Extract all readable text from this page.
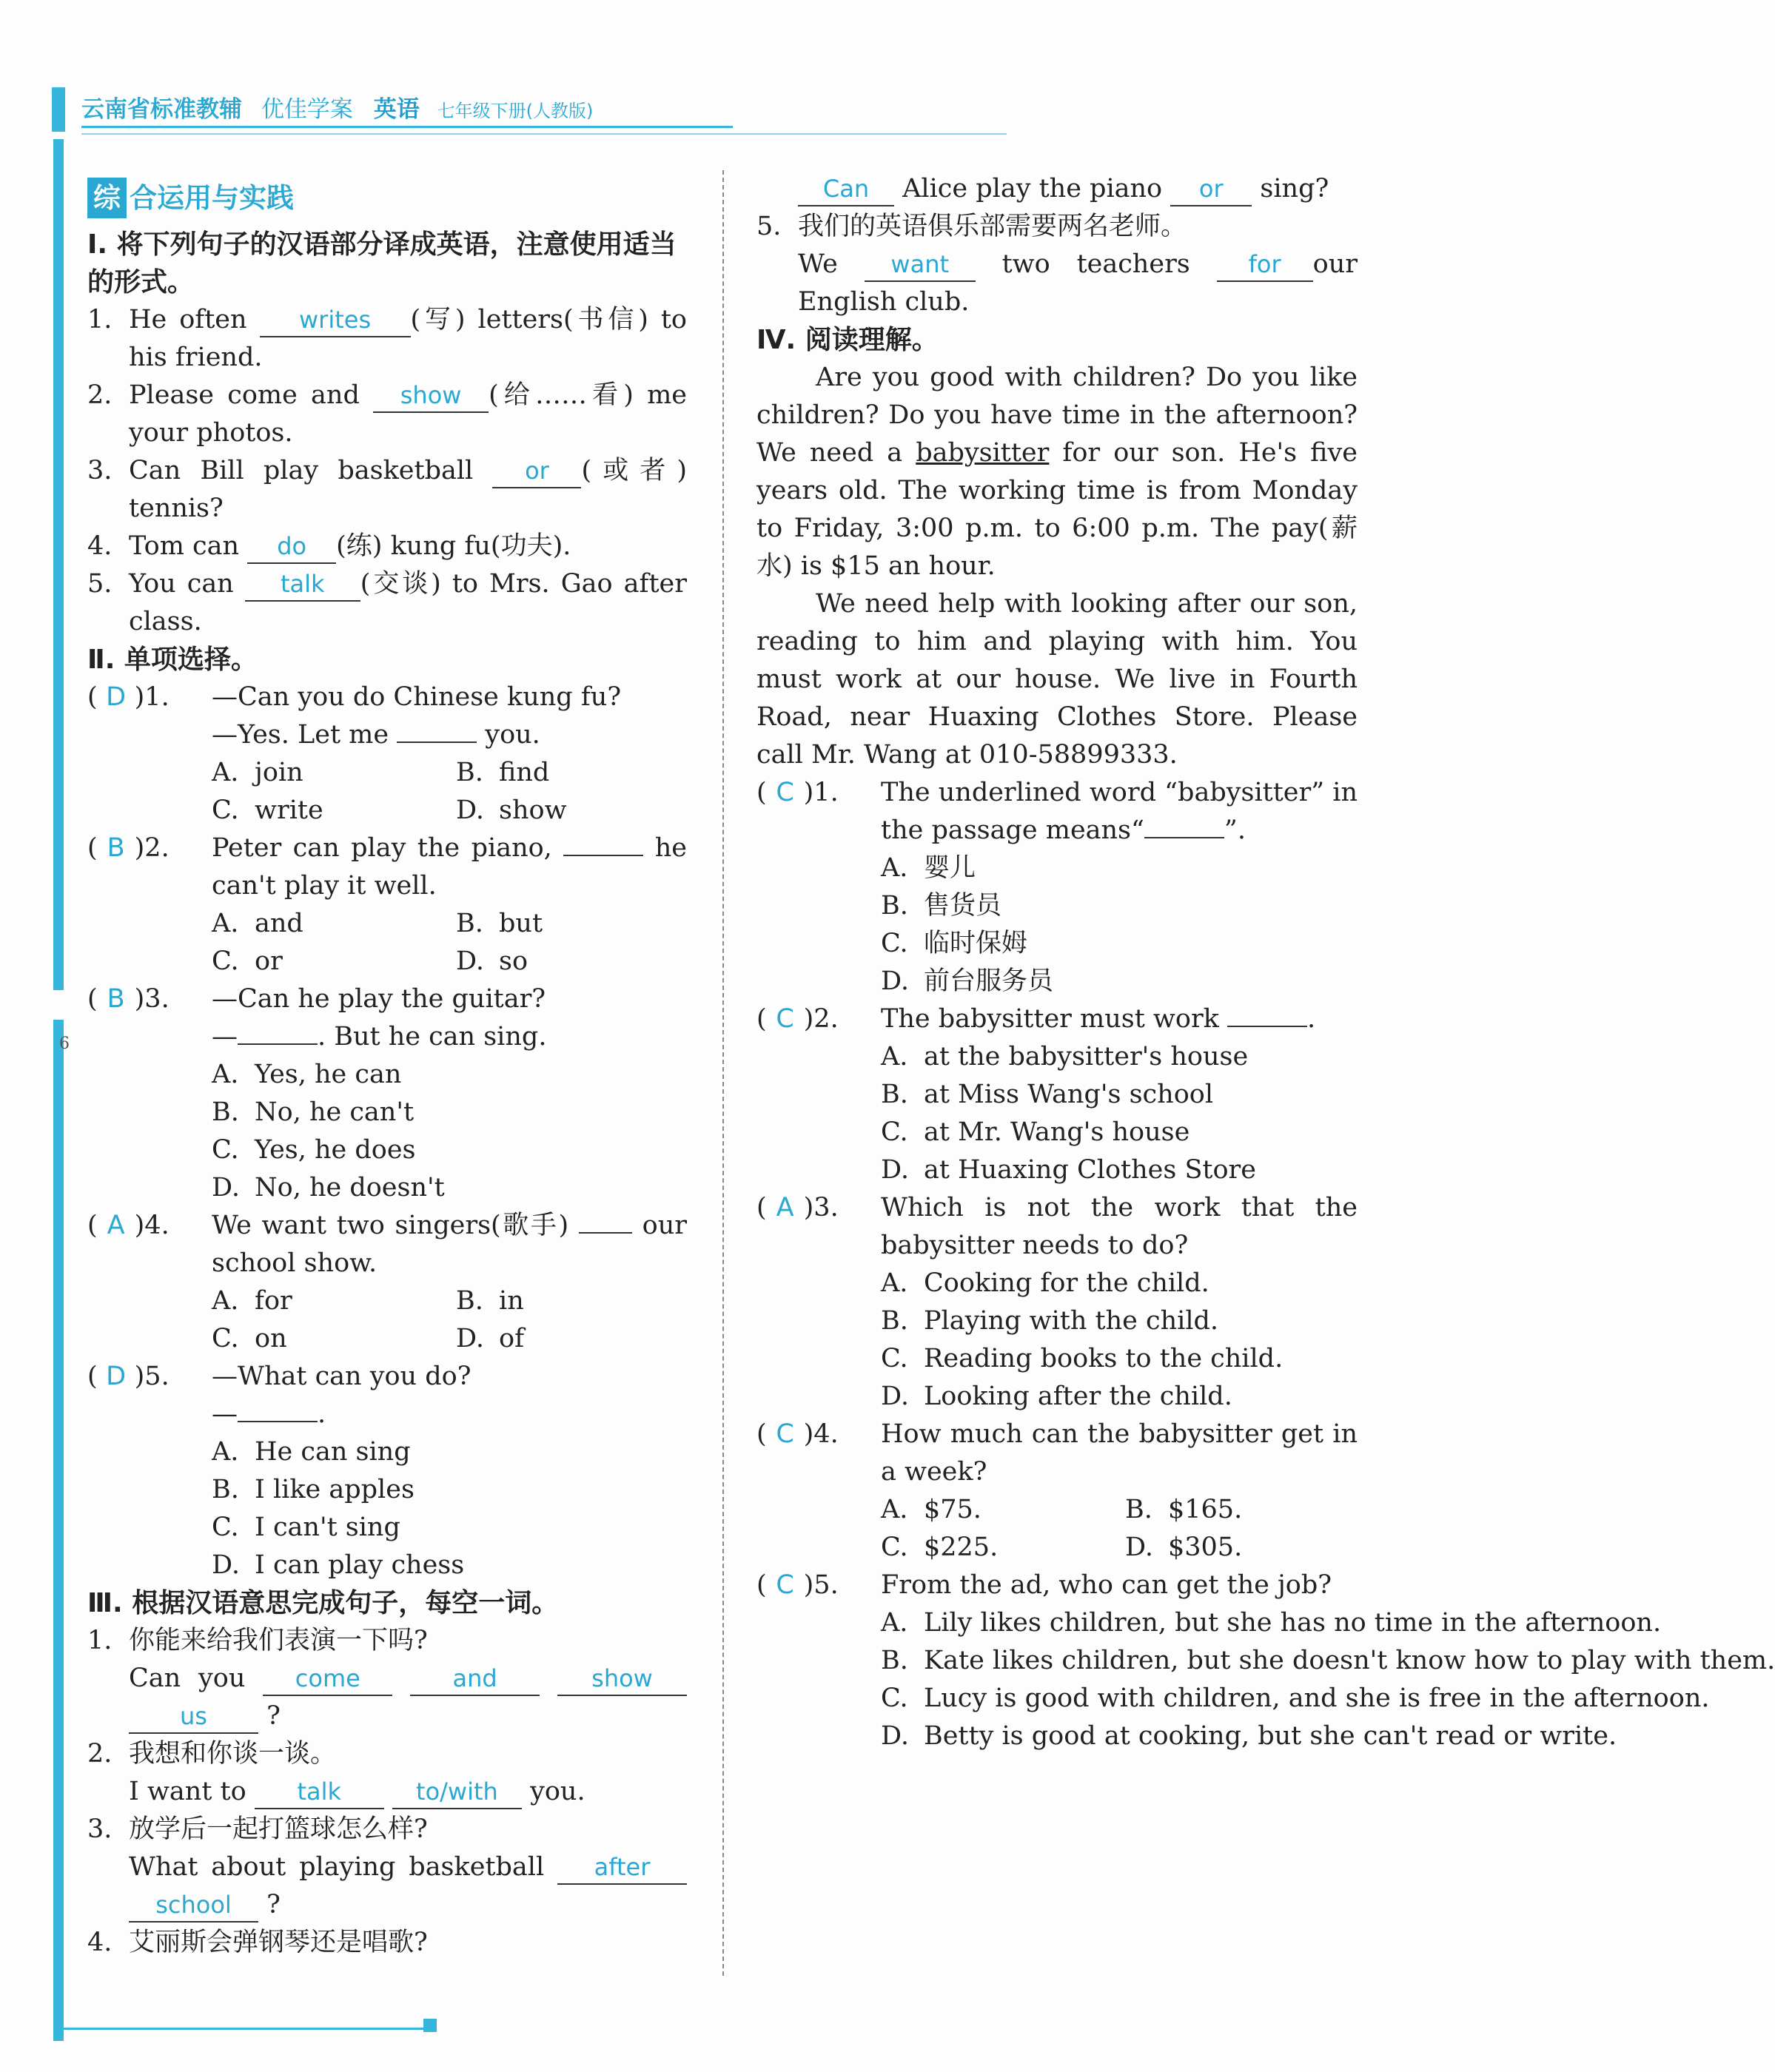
云南省标准教辅 优佳学案 英语 七年级下册(人教版)
6
综 合运用与实践
Ⅰ. 将下列句子的汉语部分译成英语，注意使用适当的形式。
1. He often writes (写) letters(书信) to his friend.
2. Please come and show (给……看) me your photos.
3. Can Bill play basketball or (或者) tennis?
4. Tom can do (练) kung fu(功夫).
5. You can talk (交谈) to Mrs. Gao after class.
Ⅱ. 单项选择。
( D )1. —Can you do Chinese kung fu?
—Yes. Let me	you.
A. join	B. find
C. write	D. show
( B )2. Peter can play the piano,	he can't play it well.
A. and	B. but
C. or	D. so
( B )3. —Can he play the guitar?
—	. But he can sing.
A. Yes, he can
B. No, he can't
C. Yes, he does
D. No, he doesn't
( A )4. We want two singers(歌手)  our school show.
A. for	B. in
C. on	D. of
( D )5. —What can you do?
—	.
A. He can sing
B. I like apples
C. I can't sing
D. I can play chess
Ⅲ. 根据汉语意思完成句子，每空一词。
1. 你能来给我们表演一下吗?
Can you come	and	show us ?
2. 我想和你谈一谈。
I want to talk	to/with you.
3. 放学后一起打篮球怎么样?
What about playing basketball after school ?
4. 艾丽斯会弹钢琴还是唱歌?
Can Alice play the piano or sing?
5. 我们的英语俱乐部需要两名老师。
We want two teachers for our English club.
Ⅳ. 阅读理解。
Are you good with children? Do you like children? Do you have time in the afternoon? We need a babysitter for our son. He's five years old. The working time is from Monday to Friday, 3:00 p.m. to 6:00 p.m. The pay(薪水) is $15 an hour.
We need help with looking after our son, reading to him and playing with him. You must work at our house. We live in Fourth Road, near Huaxing Clothes Store. Please call Mr. Wang at 010-58899333.
( C )1. The underlined word “babysitter” in the passage means“	”.
A. 婴儿
B. 售货员
C. 临时保姆
D. 前台服务员
( C )2. The babysitter must work	.
A. at the babysitter's house
B. at Miss Wang's school
C. at Mr. Wang's house
D. at Huaxing Clothes Store
( A )3. Which is not the work that the babysitter needs to do?
A. Cooking for the child.
B. Playing with the child.
C. Reading books to the child.
D. Looking after the child.
( C )4. How much can the babysitter get in a week?
A. $75.	B. $165.
C. $225.	D. $305.
( C )5. From the ad, who can get the job?
A. Lily likes children, but she has no time in the afternoon.
B. Kate likes children, but she doesn't know how to play with them.
C. Lucy is good with children, and she is free in the afternoon.
D. Betty is good at cooking, but she can't read or write.
